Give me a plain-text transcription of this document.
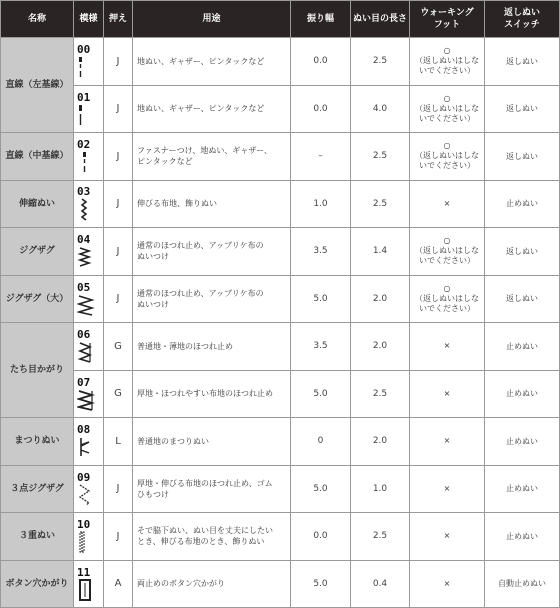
名称	模様	押え	用途	振り幅	ぬい目の長さ	ウォーキング
フット	返しぬい
スイッチ
直線（左基線）	00	J	地ぬい、ギャザー、ピンタックなど	0.0	2.5	○
（返しぬいはしな
いでください）	返しぬい

	01	J	地ぬい、ギャザー、ピンタックなど	0.0	4.0	○
（返しぬいはしな
いでください）	返しぬい
直線（中基線）	02	J	ファスナーつけ、地ぬい、ギャザー、
ピンタックなど	–	2.5	○
（返しぬいはしな
いでください）	返しぬい
伸縮ぬい	03	J	伸びる布地、飾りぬい	1.0	2.5	×	止めぬい
ジグザグ	04	J	通常のほつれ止め、アップリケ布の
ぬいつけ	3.5	1.4	○
（返しぬいはしな
いでください）	返しぬい
ジグザグ（大）	05	J	通常のほつれ止め、アップリケ布の
ぬいつけ	5.0	2.0	○
（返しぬいはしな
いでください）	返しぬい
たち目かがり	06	G	普通地・薄地のほつれ止め	3.5	2.0	×	止めぬい

	07	G	厚地・ほつれやすい布地のほつれ止め	5.0	2.5	×	止めぬい
まつりぬい	08	L	普通地のまつりぬい	0	2.0	×	止めぬい
３点ジグザグ	09	J	厚地・伸びる布地のほつれ止め、ゴム
ひもつけ	5.0	1.0	×	止めぬい
３重ぬい	10	J	そで脇下ぬい、ぬい目を丈夫にしたい
とき、伸びる布地のとき、飾りぬい	0.0	2.5	×	止めぬい
ボタン穴かがり	11	A	両止めのボタン穴かがり	5.0	0.4	×	自動止めぬい
